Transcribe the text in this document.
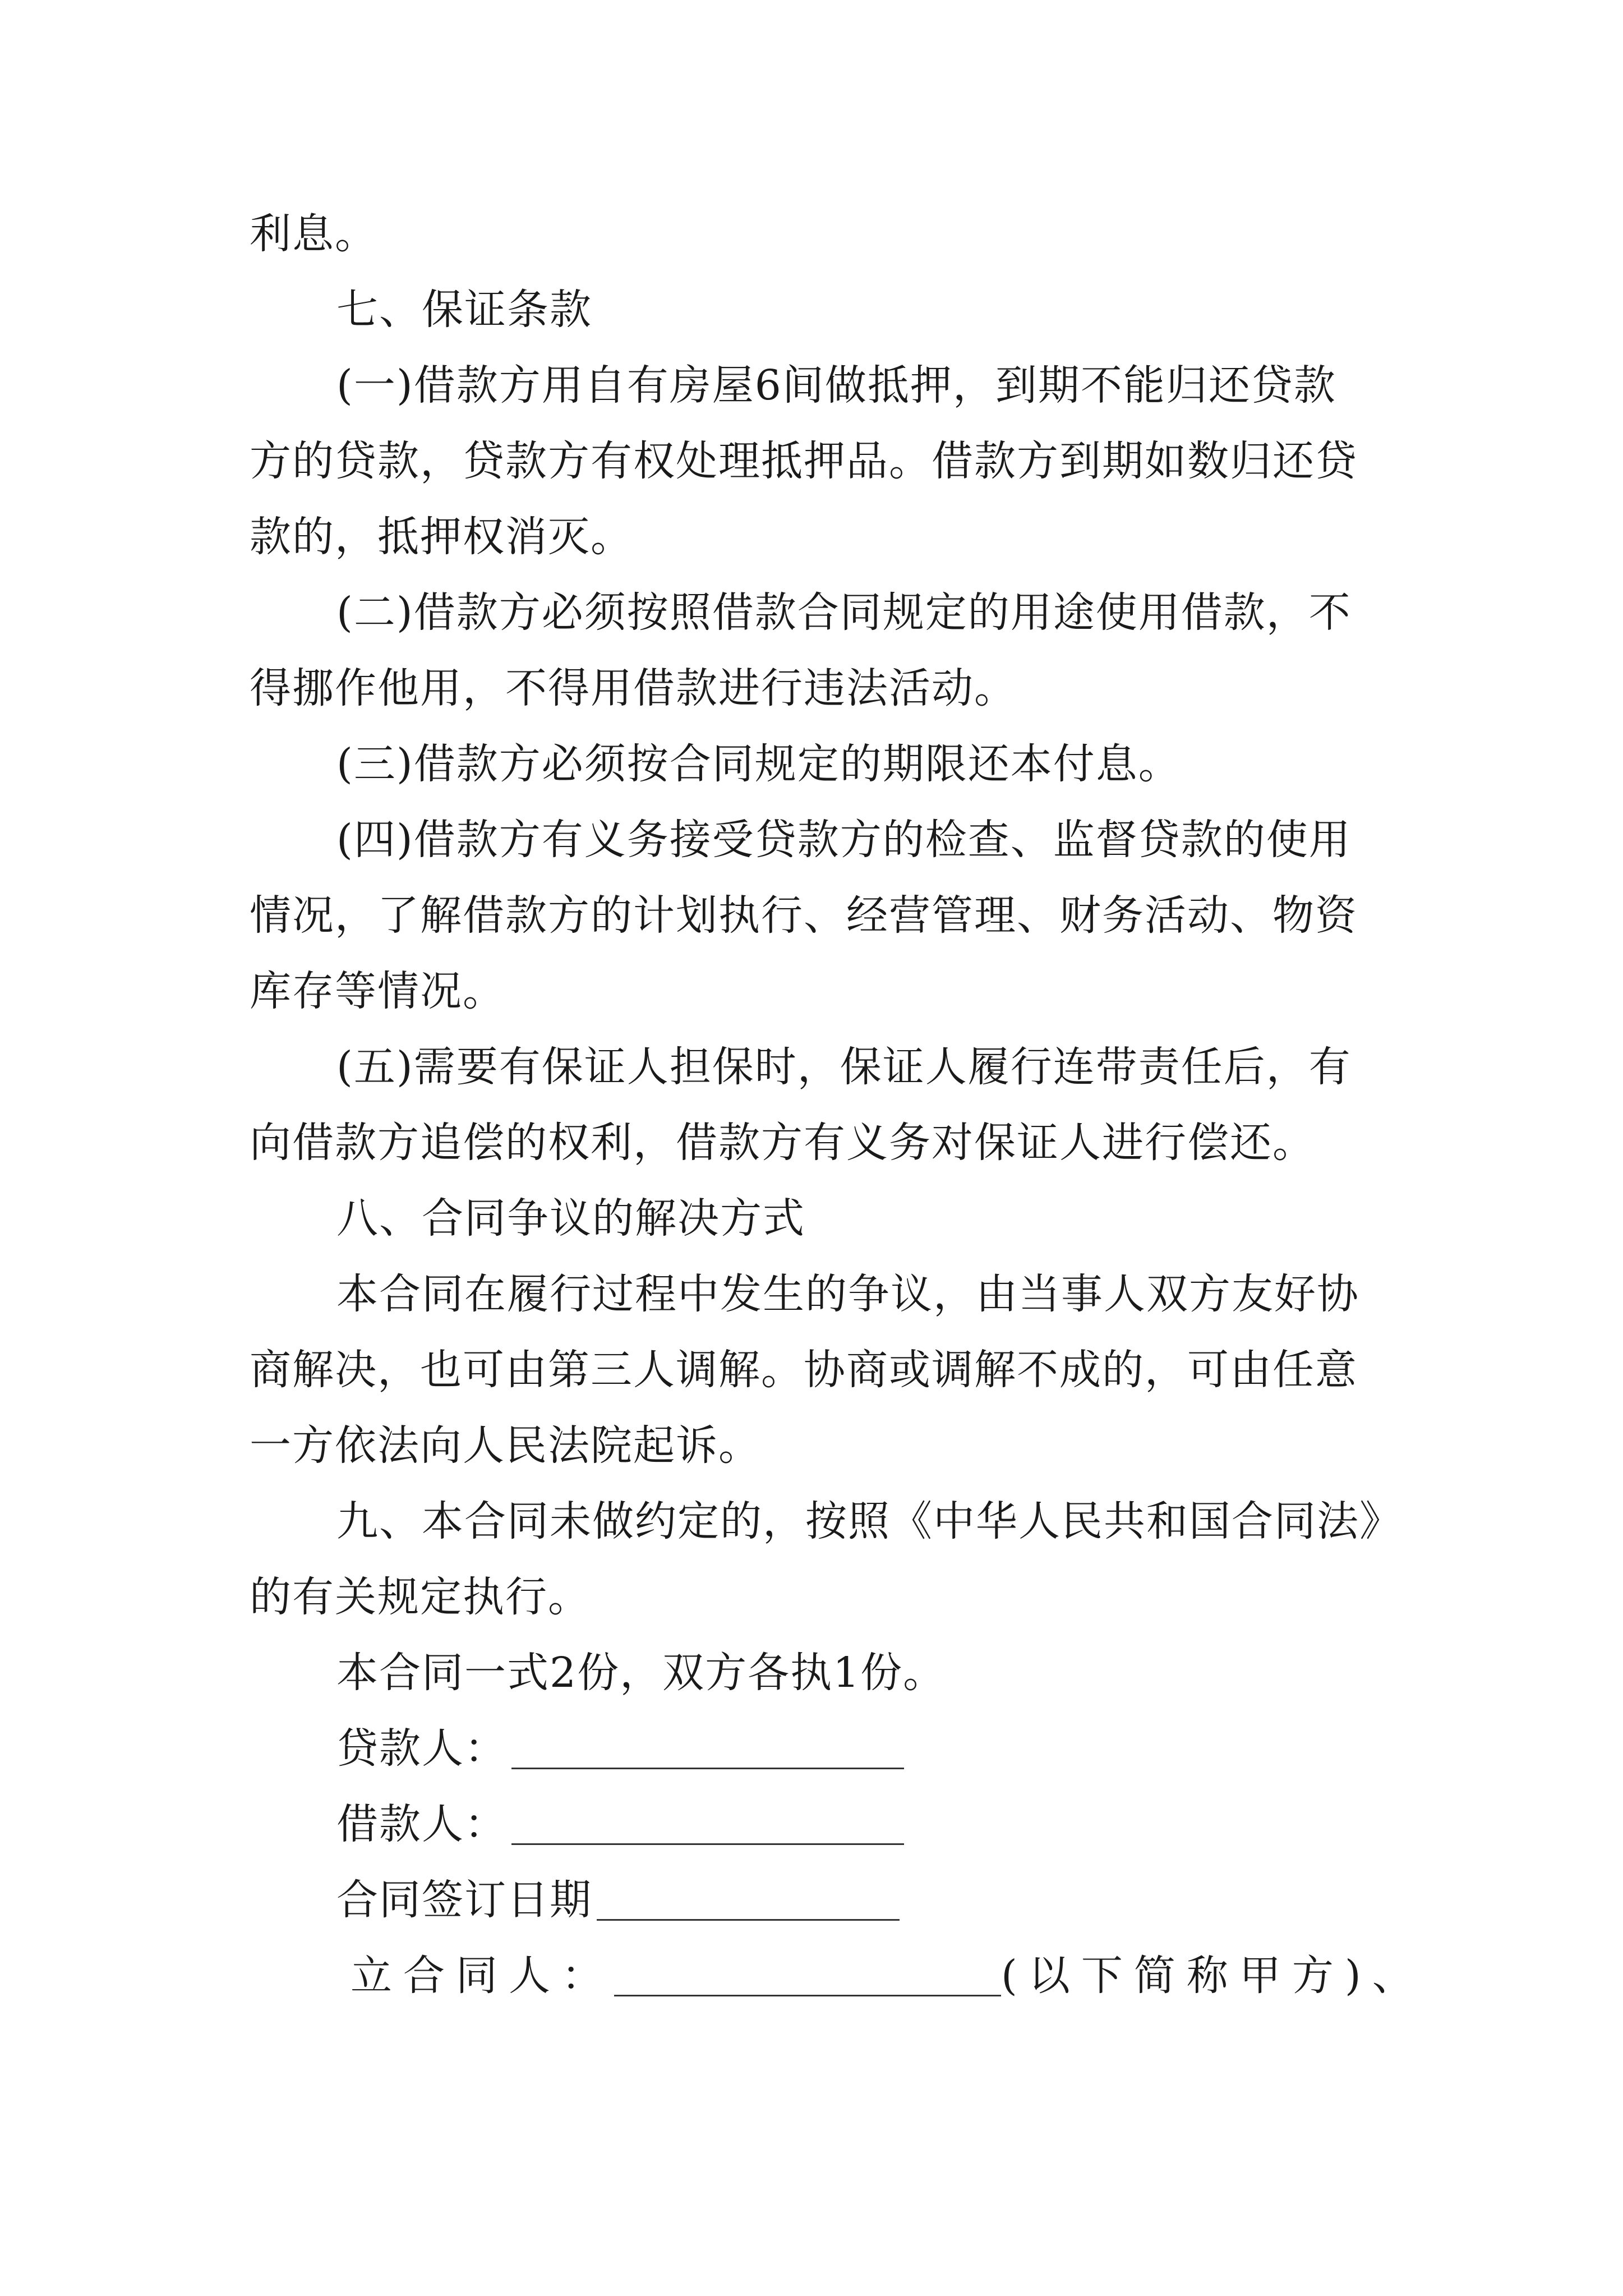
利息。
七、保证条款
(一)借款方用自有房屋6间做抵押，到期不能归还贷款
方的贷款，贷款方有权处理抵押品。借款方到期如数归还贷
款的，抵押权消灭。
(二)借款方必须按照借款合同规定的用途使用借款，不
得挪作他用，不得用借款进行违法活动。
(三)借款方必须按合同规定的期限还本付息。
(四)借款方有义务接受贷款方的检查、监督贷款的使用
情况，了解借款方的计划执行、经营管理、财务活动、物资
库存等情况。
(五)需要有保证人担保时，保证人履行连带责任后，有
向借款方追偿的权利，借款方有义务对保证人进行偿还。
八、合同争议的解决方式
本合同在履行过程中发生的争议，由当事人双方友好协
商解决，也可由第三人调解。协商或调解不成的，可由任意
一方依法向人民法院起诉。
九、本合同未做约定的，按照《中华人民共和国合同法》
的有关规定执行。
本合同一式2份，双方各执1份。
贷款人：
借款人：
合同签订日期
立合同人：	(以下简称甲方)、
